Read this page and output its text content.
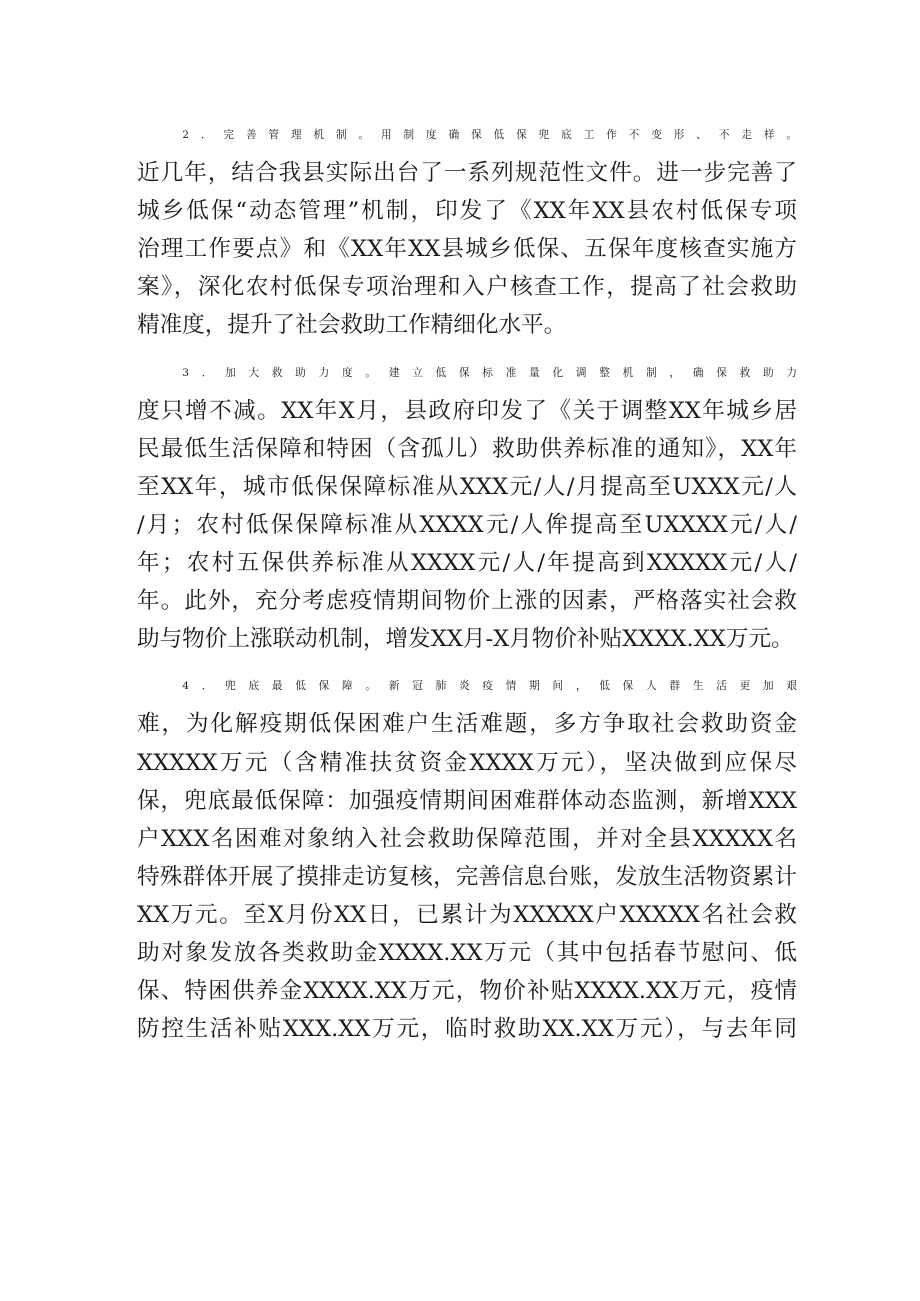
2．完善管理机制。用制度确保低保兜底工作不变形、不走样。
近几年，结合我县实际出台了一系列规范性文件。进一步完善了
城乡低保“动态管理”机制，印发了《XX年XX县农村低保专项
治理工作要点》和《XX年XX县城乡低保、五保年度核查实施方
案》，深化农村低保专项治理和入户核查工作，提高了社会救助
精准度，提升了社会救助工作精细化水平。
3．加大救助力度。建立低保标准量化调整机制，确保救助力
度只增不减。XX年X月，县政府印发了《关于调整XX年城乡居
民最低生活保障和特困（含孤儿）救助供养标准的通知》，XX年
至XX年，城市低保保障标准从XXX元/人/月提高至UXXX元/人
/月；农村低保保障标准从XXXX元/人侔提高至UXXXX元/人/
年；农村五保供养标准从XXXX元/人/年提高到XXXXX元/人/
年。此外，充分考虑疫情期间物价上涨的因素，严格落实社会救
助与物价上涨联动机制，增发XX月-X月物价补贴XXXX.XX万元。
4．兜底最低保障。新冠肺炎疫情期间，低保人群生活更加艰
难，为化解疫期低保困难户生活难题，多方争取社会救助资金
XXXXX万元（含精准扶贫资金XXXX万元），坚决做到应保尽
保，兜底最低保障：加强疫情期间困难群体动态监测，新增XXX
户XXX名困难对象纳入社会救助保障范围，并对全县XXXXX名
特殊群体开展了摸排走访复核，完善信息台账，发放生活物资累计
XX万元。至X月份XX日，已累计为XXXXX户XXXXX名社会救
助对象发放各类救助金XXXX.XX万元（其中包括春节慰问、低
保、特困供养金XXXX.XX万元，物价补贴XXXX.XX万元，疫情
防控生活补贴XXX.XX万元，临时救助XX.XX万元），与去年同
